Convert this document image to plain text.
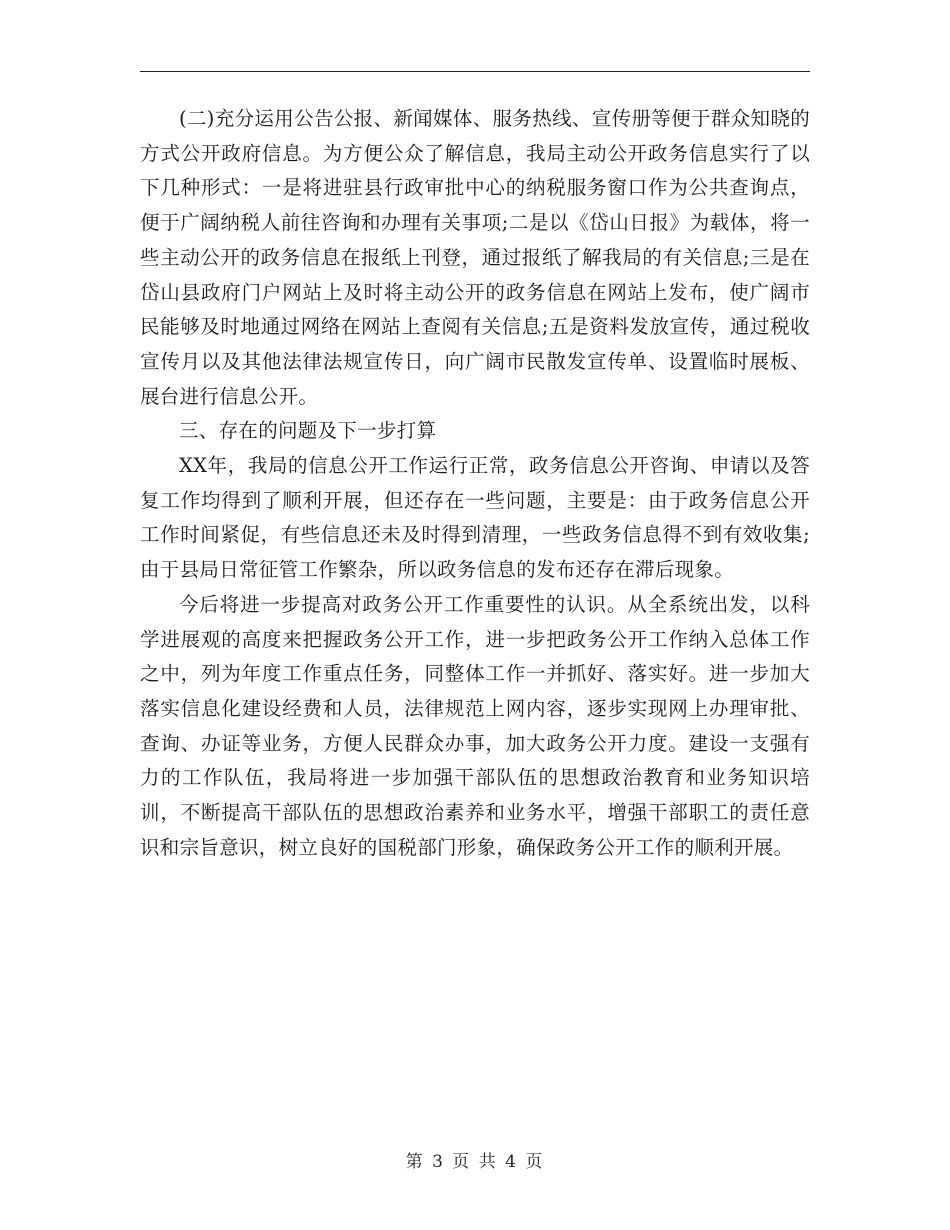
(二)充分运用公告公报、新闻媒体、服务热线、宣传册等便于群众知晓的方式公开政府信息。为方便公众了解信息，我局主动公开政务信息实行了以下几种形式：一是将进驻县行政审批中心的纳税服务窗口作为公共查询点，便于广阔纳税人前往咨询和办理有关事项;二是以《岱山日报》为载体，将一些主动公开的政务信息在报纸上刊登，通过报纸了解我局的有关信息;三是在岱山县政府门户网站上及时将主动公开的政务信息在网站上发布，使广阔市民能够及时地通过网络在网站上查阅有关信息;五是资料发放宣传，通过税收宣传月以及其他法律法规宣传日，向广阔市民散发宣传单、设置临时展板、展台进行信息公开。

三、存在的问题及下一步打算

XX年，我局的信息公开工作运行正常，政务信息公开咨询、申请以及答复工作均得到了顺利开展，但还存在一些问题，主要是：由于政务信息公开工作时间紧促，有些信息还未及时得到清理，一些政务信息得不到有效收集;由于县局日常征管工作繁杂，所以政务信息的发布还存在滞后现象。

今后将进一步提高对政务公开工作重要性的认识。从全系统出发，以科学进展观的高度来把握政务公开工作，进一步把政务公开工作纳入总体工作之中，列为年度工作重点任务，同整体工作一并抓好、落实好。进一步加大落实信息化建设经费和人员，法律规范上网内容，逐步实现网上办理审批、查询、办证等业务，方便人民群众办事，加大政务公开力度。建设一支强有力的工作队伍，我局将进一步加强干部队伍的思想政治教育和业务知识培训，不断提高干部队伍的思想政治素养和业务水平，增强干部职工的责任意识和宗旨意识，树立良好的国税部门形象，确保政务公开工作的顺利开展。

第 3 页 共 4 页
